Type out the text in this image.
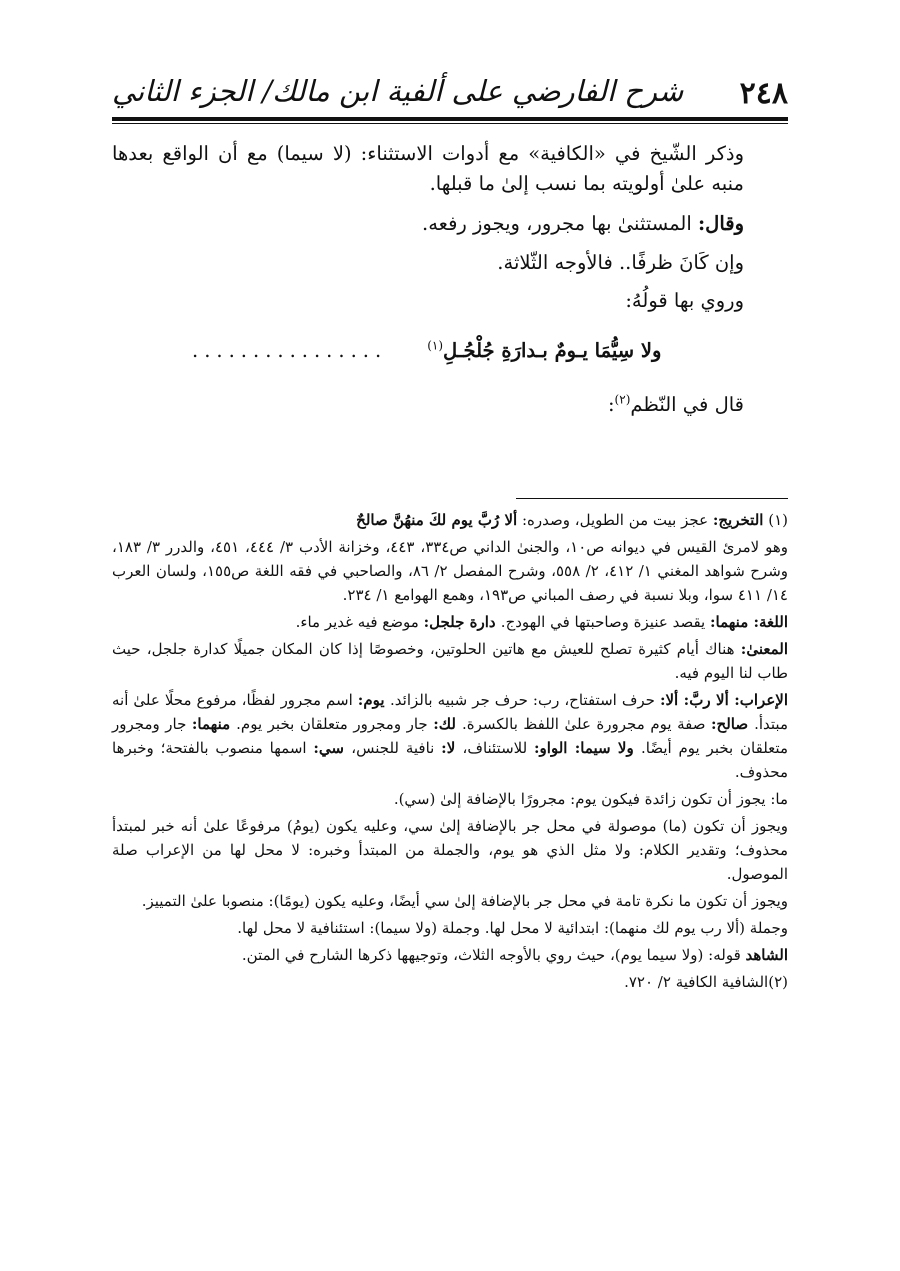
٢٤٨
شرح الفارضي على ألفية ابن مالك/ الجزء الثاني

وذكر الشّيخ في «الكافية» مع أدوات الاستثناء: (لا سيما) مع أن الواقع بعدها منبه علىٰ أولويته بما نسب إلىٰ ما قبلها.

وقال: المستثنىٰ بها مجرور، ويجوز رفعه.

وإن كَانَ ظرفًا.. فالأوجه الثّلاثة.

وروي بها قولُهُ:

ولا سِيُّمَا يـومٌ بـدارَةِ جُلْجُـلِ$^{(١)}$
................

قال في النّظم$^{(٢)}$:

(١) التخريج: عجز بيت من الطويل، وصدره: ألا رُبَّ يوم لكَ منهُنَّ صالحٌ

وهو لامرئ القيس في ديوانه ص١٠، والجنىٰ الداني ص٣٣٤، ٤٤٣، وخزانة الأدب ٣/ ٤٤٤، ٤٥١، والدرر ٣/ ١٨٣، وشرح شواهد المغني ١/ ٤١٢، ٢/ ٥٥٨، وشرح المفصل ٢/ ٨٦، والصاحبي في فقه اللغة ص١٥٥، ولسان العرب ١٤/ ٤١١ سوا، وبلا نسبة في رصف المباني ص١٩٣، وهمع الهوامع ١/ ٢٣٤.

اللغة: منهما: يقصد عنيزة وصاحبتها في الهودج. دارة جلجل: موضع فيه غدير ماء.

المعنىٰ: هناك أيام كثيرة تصلح للعيش مع هاتين الحلوتين، وخصوصًا إذا كان المكان جميلًا كدارة جلجل، حيث طاب لنا اليوم فيه.

الإعراب: ألا ربَّ: ألا: حرف استفتاح، رب: حرف جر شبيه بالزائد. يوم: اسم مجرور لفظًا، مرفوع محلًا علىٰ أنه مبتدأ. صالح: صفة يوم مجرورة علىٰ اللفظ بالكسرة. لك: جار ومجرور متعلقان بخبر يوم. منهما: جار ومجرور متعلقان بخبر يوم أيضًا. ولا سيما: الواو: للاستئناف، لا: نافية للجنس، سي: اسمها منصوب بالفتحة؛ وخبرها محذوف.

ما: يجوز أن تكون زائدة فيكون يوم: مجرورًا بالإضافة إلىٰ (سي).

ويجوز أن تكون (ما) موصولة في محل جر بالإضافة إلىٰ سي، وعليه يكون (يومُ) مرفوعًا علىٰ أنه خبر لمبتدأ محذوف؛ وتقدير الكلام: ولا مثل الذي هو يوم، والجملة من المبتدأ وخبره: لا محل لها من الإعراب صلة الموصول.

ويجوز أن تكون ما نكرة تامة في محل جر بالإضافة إلىٰ سي أيضًا، وعليه يكون (يومًا): منصوبا علىٰ التمييز.

وجملة (ألا رب يوم لك منهما): ابتدائية لا محل لها. وجملة (ولا سيما): استئنافية لا محل لها.

الشاهد قوله: (ولا سيما يوم)، حيث روي بالأوجه الثلاث، وتوجيهها ذكرها الشارح في المتن.

(٢)الشافية الكافية ٢/ ٧٢٠.
